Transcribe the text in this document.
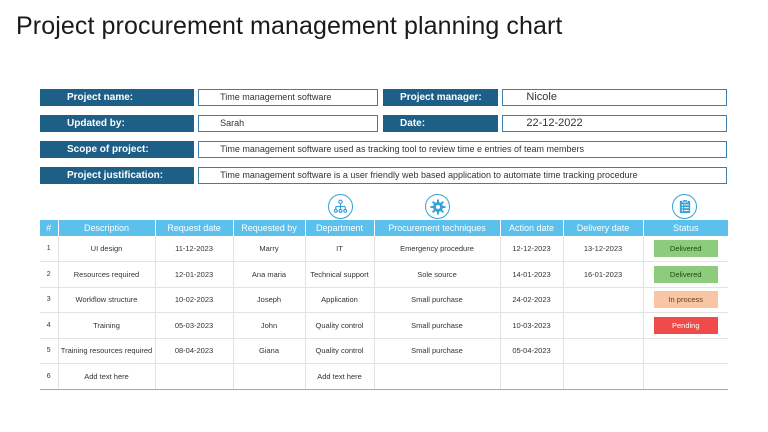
Project procurement management planning chart
Project name:	Time management software	Project manager:	Nicole
Updated by:	Sarah	Date:	22-12-2022
Scope of project:	Time management software used as tracking tool to review time e entries of team members
Project justification:	Time management software is a user friendly web based application to automate time tracking procedure
#	Description	Request date	Requested by	Department	Procurement techniques	Action date	Delivery date	Status
1	UI design	11-12-2023	Marry	IT	Emergency procedure	12-12-2023	13-12-2023	Delivered
2	Resources required	12-01-2023	Ana maria	Technical support	Sole source	14-01-2023	16-01-2023	Delivered
3	Workflow structure	10-02-2023	Joseph	Application	Small purchase	24-02-2023		In process
4	Training	05-03-2023	John	Quality control	Small purchase	10-03-2023		Pending
5	Training resources required	08-04-2023	Giana	Quality control	Small purchase	05-04-2023		
6	Add text here			Add text here				
